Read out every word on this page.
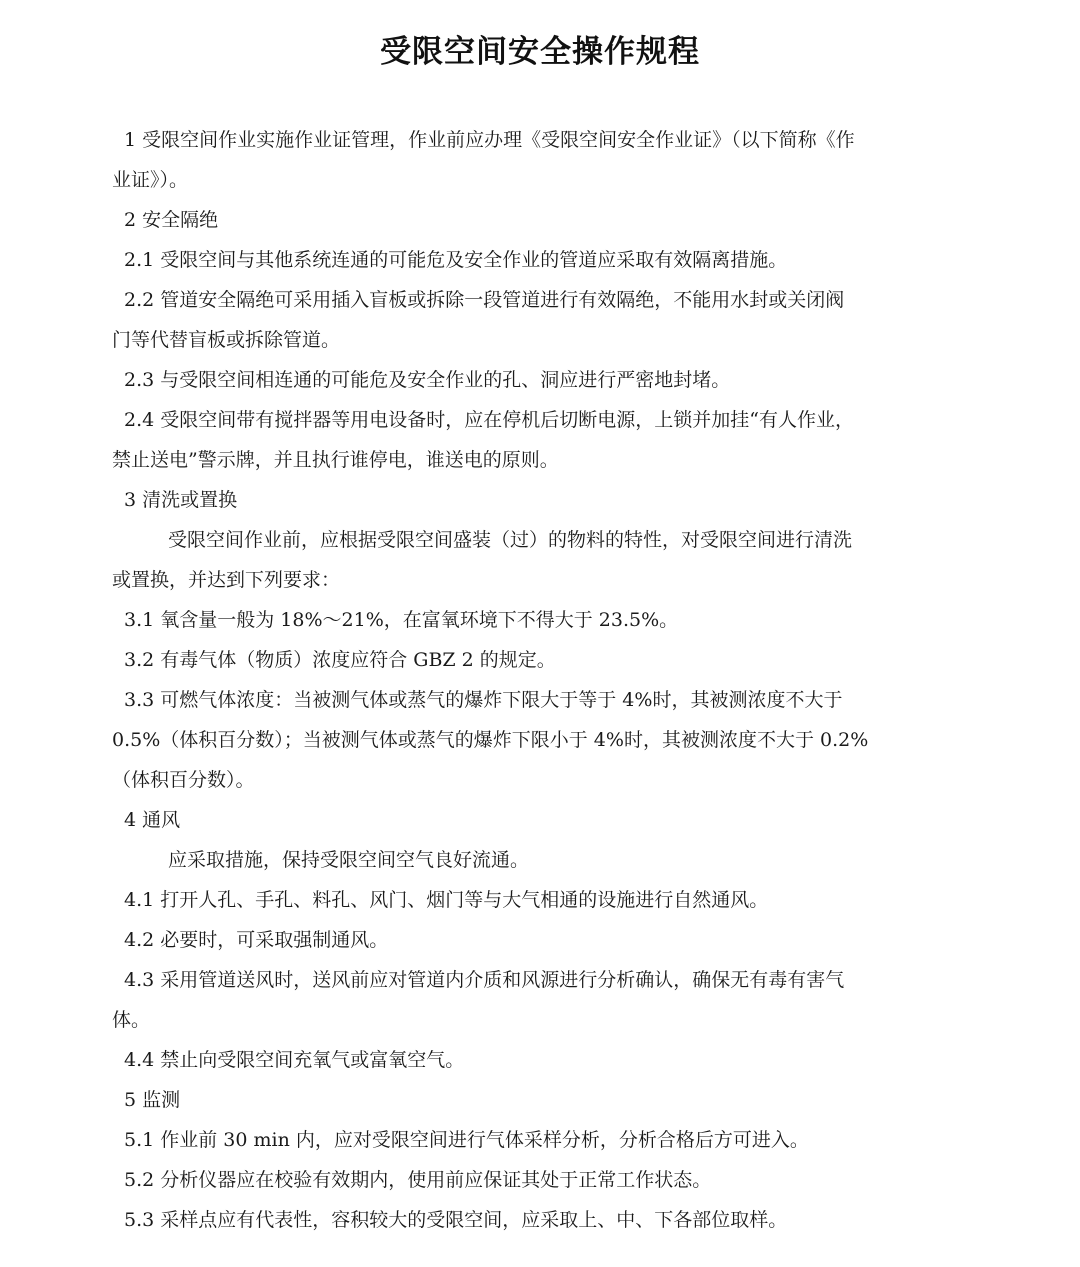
受限空间安全操作规程
1 受限空间作业实施作业证管理，作业前应办理《受限空间安全作业证》（以下简称《作
业证》）。
2 安全隔绝
2.1 受限空间与其他系统连通的可能危及安全作业的管道应采取有效隔离措施。
2.2 管道安全隔绝可采用插入盲板或拆除一段管道进行有效隔绝，不能用水封或关闭阀
门等代替盲板或拆除管道。
2.3 与受限空间相连通的可能危及安全作业的孔、洞应进行严密地封堵。
2.4 受限空间带有搅拌器等用电设备时，应在停机后切断电源，上锁并加挂“有人作业，
禁止送电”警示牌，并且执行谁停电，谁送电的原则。
3 清洗或置换
受限空间作业前，应根据受限空间盛装（过）的物料的特性，对受限空间进行清洗
或置换，并达到下列要求：
3.1 氧含量一般为 18%～21%，在富氧环境下不得大于 23.5%。
3.2 有毒气体（物质）浓度应符合 GBZ 2 的规定。
3.3 可燃气体浓度：当被测气体或蒸气的爆炸下限大于等于 4%时，其被测浓度不大于
0.5%（体积百分数）；当被测气体或蒸气的爆炸下限小于 4%时，其被测浓度不大于 0.2%
（体积百分数）。
4 通风
应采取措施，保持受限空间空气良好流通。
4.1 打开人孔、手孔、料孔、风门、烟门等与大气相通的设施进行自然通风。
4.2 必要时，可采取强制通风。
4.3 采用管道送风时，送风前应对管道内介质和风源进行分析确认，确保无有毒有害气
体。
4.4 禁止向受限空间充氧气或富氧空气。
5 监测
5.1 作业前 30 min 内，应对受限空间进行气体采样分析，分析合格后方可进入。
5.2 分析仪器应在校验有效期内，使用前应保证其处于正常工作状态。
5.3 采样点应有代表性，容积较大的受限空间，应采取上、中、下各部位取样。
